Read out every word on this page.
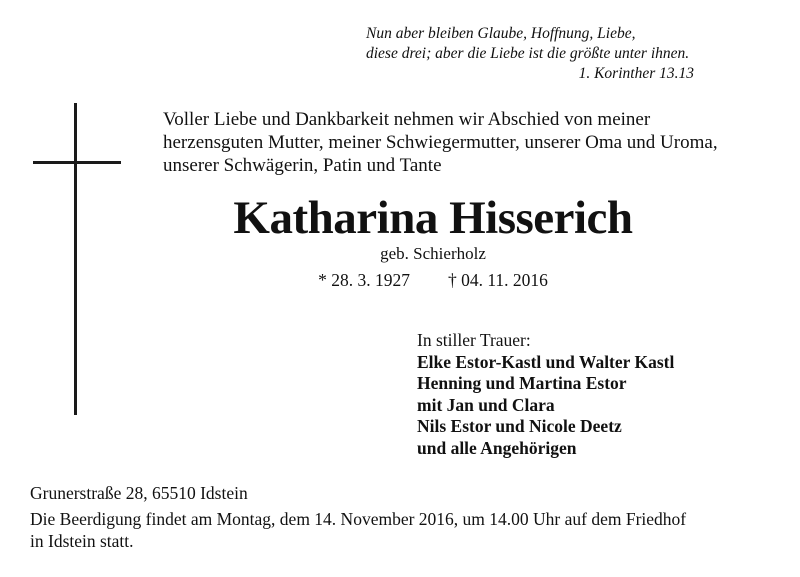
Nun aber bleiben Glaube, Hoffnung, Liebe,
diese drei; aber die Liebe ist die größte unter ihnen.
1. Korinther 13.13
Voller Liebe und Dankbarkeit nehmen wir Abschied von meiner
herzensguten Mutter, meiner Schwiegermutter, unserer Oma und Uroma,
unserer Schwägerin, Patin und Tante
Katharina Hisserich
geb. Schierholz
* 28. 3. 1927 † 04. 11. 2016
In stiller Trauer:
Elke Estor-Kastl und Walter Kastl
Henning und Martina Estor
mit Jan und Clara
Nils Estor und Nicole Deetz
und alle Angehörigen
Grunerstraße 28, 65510 Idstein
Die Beerdigung findet am Montag, dem 14. November 2016, um 14.00 Uhr auf dem Friedhof
in Idstein statt.
